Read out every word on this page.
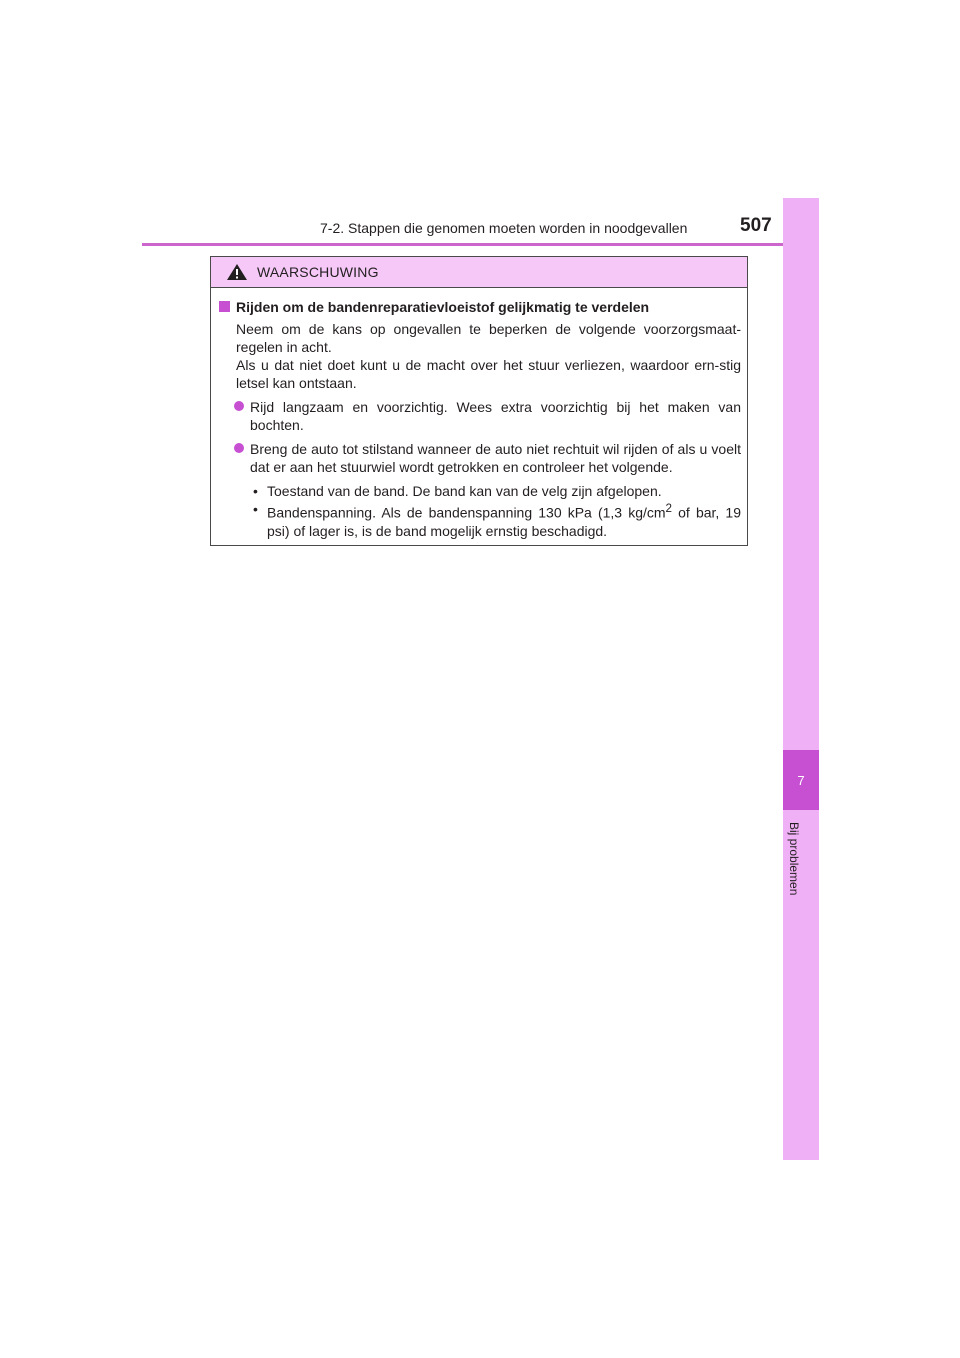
7-2. Stappen die genomen moeten worden in noodgevallen	507
7
Bij problemen
WAARSCHUWING
Rijden om de bandenreparatievloeistof gelijkmatig te verdelen
Neem om de kans op ongevallen te beperken de volgende voorzorgsmaat-regelen in acht.
Als u dat niet doet kunt u de macht over het stuur verliezen, waardoor ern-stig letsel kan ontstaan.
Rijd langzaam en voorzichtig. Wees extra voorzichtig bij het maken van bochten.
Breng de auto tot stilstand wanneer de auto niet rechtuit wil rijden of als u voelt dat er aan het stuurwiel wordt getrokken en controleer het volgende.
• Toestand van de band. De band kan van de velg zijn afgelopen.
• Bandenspanning. Als de bandenspanning 130 kPa (1,3 $kg/cm^2$ of bar, 19 psi) of lager is, is de band mogelijk ernstig beschadigd.
